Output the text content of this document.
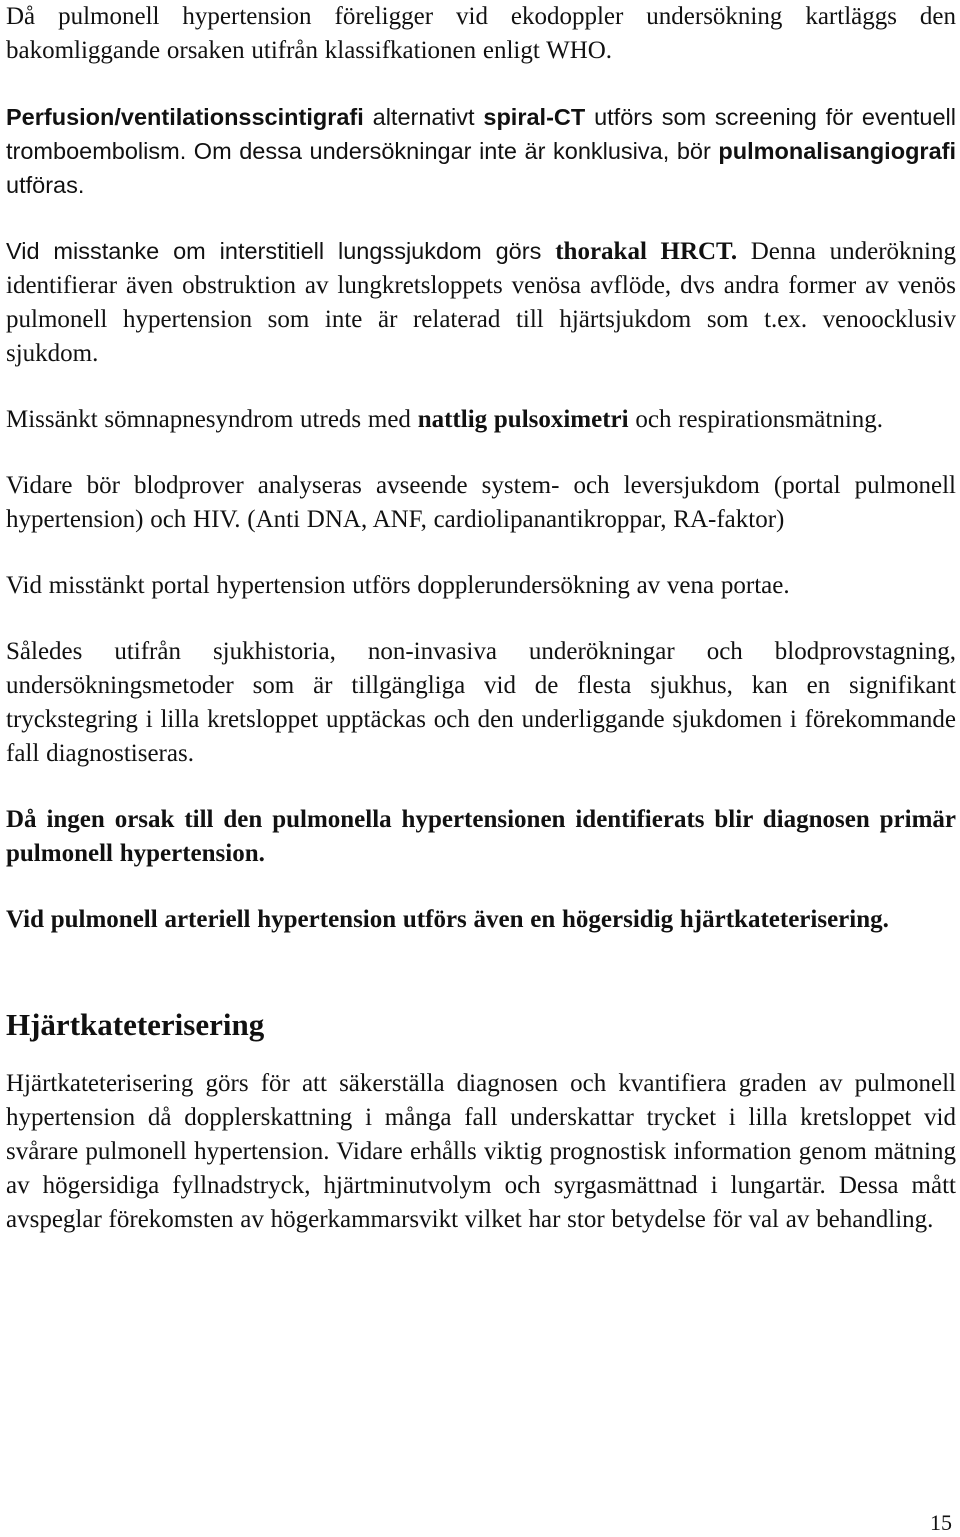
Då pulmonell hypertension föreligger vid ekodoppler undersökning kartläggs den bakomliggande orsaken utifrån klassifkationen enligt WHO.

Perfusion/ventilationsscintigrafi alternativt spiral-CT utförs som screening för eventuell tromboembolism. Om dessa undersökningar inte är konklusiva, bör pulmonalisangiografi utföras.

Vid misstanke om interstitiell lungssjukdom görs thorakal HRCT. Denna underökning identifierar även obstruktion av lungkretsloppets venösa avflöde, dvs andra former av venös pulmonell hypertension som inte är relaterad till hjärtsjukdom som t.ex. venoocklusiv sjukdom.

Missänkt sömnapnesyndrom utreds med nattlig pulsoximetri och respirationsmätning.

Vidare bör blodprover analyseras avseende system- och leversjukdom (portal pulmonell hypertension) och HIV. (Anti DNA, ANF, cardiolipanantikroppar, RA-faktor)

Vid misstänkt portal hypertension utförs dopplerundersökning av vena portae.

Således utifrån sjukhistoria, non-invasiva underökningar och blodprovstagning, undersökningsmetoder som är tillgängliga vid de flesta sjukhus, kan en signifikant tryckstegring i lilla kretsloppet upptäckas och den underliggande sjukdomen i förekommande fall diagnostiseras.

Då ingen orsak till den pulmonella hypertensionen identifierats blir diagnosen primär pulmonell hypertension.

Vid pulmonell arteriell hypertension utförs även en högersidig hjärtkateterisering.

Hjärtkateterisering

Hjärtkateterisering görs för att säkerställa diagnosen och kvantifiera graden av pulmonell hypertension då dopplerskattning i många fall underskattar trycket i lilla kretsloppet vid svårare pulmonell hypertension. Vidare erhålls viktig prognostisk information genom mätning av högersidiga fyllnadstryck, hjärtminutvolym och syrgasmättnad i lungartär. Dessa mått avspeglar förekomsten av högerkammarsvikt vilket har stor betydelse för val av behandling.

15
